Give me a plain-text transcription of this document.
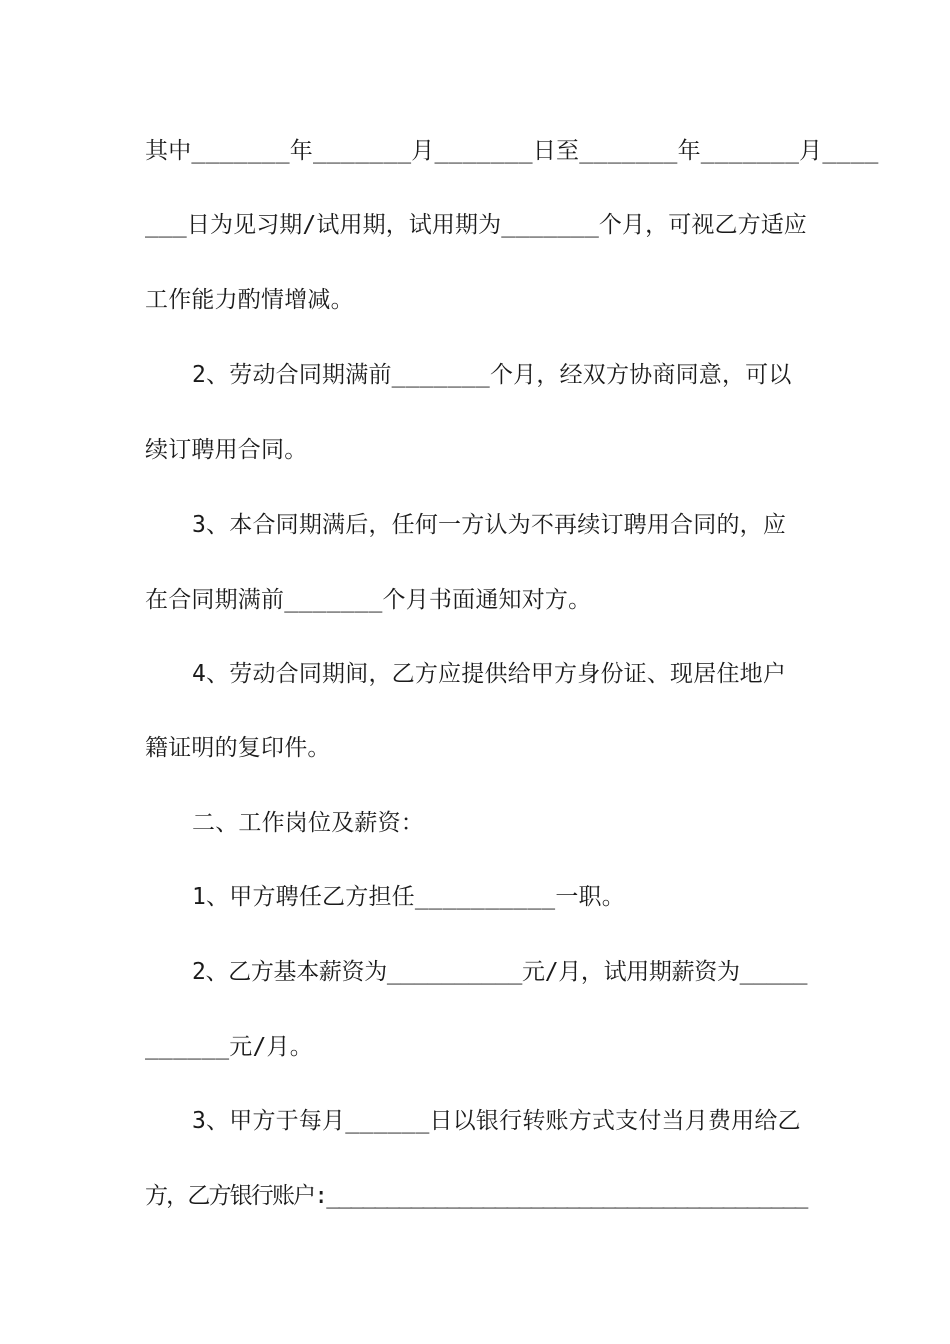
其中 _______ 年 _______ 月 _______ 日至 _______ 年 _______ 月 ____
___日为见习期/试用期，试用期为_______个月，可视乙方适应
工作能力酌情增减。
2、劳动合同期满前_______个月，经双方协商同意，可以
续订聘用合同。
3、本合同期满后，任何一方认为不再续订聘用合同的，应
在合同期满前_______个月书面通知对方。
4、劳动合同期间，乙方应提供给甲方身份证、现居住地户
籍证明的复印件。
二、工作岗位及薪资：
1、甲方聘任乙方担任__________一职。
2、乙方基本薪资为__________元/月，试用期薪资为_____
______元/月。
3、甲方于每月______日以银行转账方式支付当月费用给乙
方，乙方银行账户:________________________________________
